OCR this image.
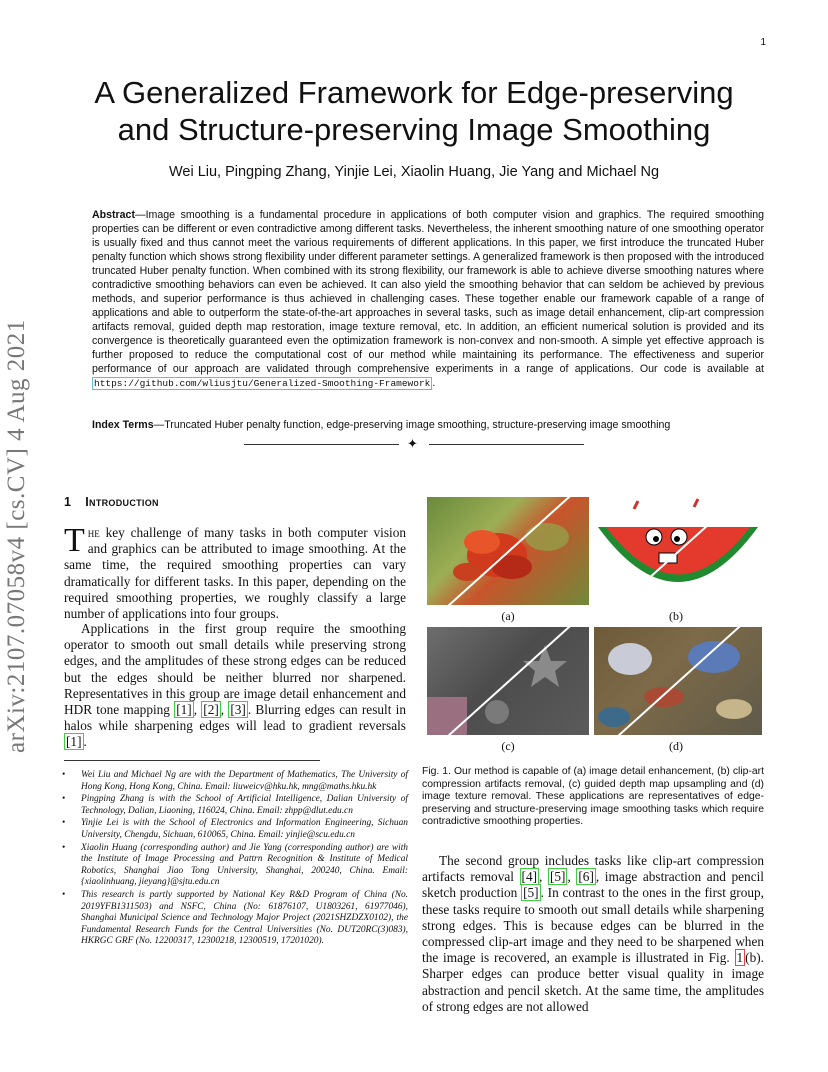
1
arXiv:2107.07058v4 [cs.CV] 4 Aug 2021
A Generalized Framework for Edge-preserving
and Structure-preserving Image Smoothing
Wei Liu, Pingping Zhang, Yinjie Lei, Xiaolin Huang, Jie Yang and Michael Ng
Abstract—Image smoothing is a fundamental procedure in applications of both computer vision and graphics. The required smoothing properties can be different or even contradictive among different tasks. Nevertheless, the inherent smoothing nature of one smoothing operator is usually fixed and thus cannot meet the various requirements of different applications. In this paper, we first introduce the truncated Huber penalty function which shows strong flexibility under different parameter settings. A generalized framework is then proposed with the introduced truncated Huber penalty function. When combined with its strong flexibility, our framework is able to achieve diverse smoothing natures where contradictive smoothing behaviors can even be achieved. It can also yield the smoothing behavior that can seldom be achieved by previous methods, and superior performance is thus achieved in challenging cases. These together enable our framework capable of a range of applications and able to outperform the state-of-the-art approaches in several tasks, such as image detail enhancement, clip-art compression artifacts removal, guided depth map restoration, image texture removal, etc. In addition, an efficient numerical solution is provided and its convergence is theoretically guaranteed even the optimization framework is non-convex and non-smooth. A simple yet effective approach is further proposed to reduce the computational cost of our method while maintaining its performance. The effectiveness and superior performance of our approach are validated through comprehensive experiments in a range of applications. Our code is available at https://github.com/wliusjtu/Generalized-Smoothing-Framework .
Index Terms—Truncated Huber penalty function, edge-preserving image smoothing, structure-preserving image smoothing
✦
1 Introduction
The key challenge of many tasks in both computer vision and graphics can be attributed to image smoothing. At the same time, the required smoothing properties can vary dramatically for different tasks. In this paper, depending on the required smoothing properties, we roughly classify a large number of applications into four groups.
Applications in the first group require the smoothing operator to smooth out small details while preserving strong edges, and the amplitudes of these strong edges can be reduced but the edges should be neither blurred nor sharpened. Representatives in this group are image detail enhancement and HDR tone mapping [1] , [2] , [3] . Blurring edges can result in halos while sharpening edges will lead to gradient reversals [1] .
• Wei Liu and Michael Ng are with the Department of Mathematics, The University of Hong Kong, Hong Kong, China. Email: liuweicv@hku.hk, mng@maths.hku.hk
• Pingping Zhang is with the School of Artificial Intelligence, Dalian University of Technology, Dalian, Liaoning, 116024, China. Email: zhpp@dlut.edu.cn
• Yinjie Lei is with the School of Electronics and Information Engineering, Sichuan University, Chengdu, Sichuan, 610065, China. Email: yinjie@scu.edu.cn
• Xiaolin Huang (corresponding author) and Jie Yang (corresponding author) are with the Institute of Image Processing and Pattrn Recognition & Institute of Medical Robotics, Shanghai Jiao Tong University, Shanghai, 200240, China. Email: {xiaolinhuang, jieyang}@sjtu.edu.cn
• This research is partly supported by National Key R&D Program of China (No. 2019YFB1311503) and NSFC, China (No: 61876107, U1803261, 61977046), Shanghai Municipal Science and Technology Major Project (2021SHZDZX0102), the Fundamental Research Funds for the Central Universities (No. DUT20RC(3)083), HKRGC GRF (No. 12200317, 12300218, 12300519, 17201020).
(a)	(b)
(c)	(d)
Fig. 1. Our method is capable of (a) image detail enhancement, (b) clip-art compression artifacts removal, (c) guided depth map upsampling and (d) image texture removal. These applications are representatives of edge-preserving and structure-preserving image smoothing tasks which require contradictive smoothing properties.
The second group includes tasks like clip-art compression artifacts removal [4] , [5] , [6] , image abstraction and pencil sketch production [5] . In contrast to the ones in the first group, these tasks require to smooth out small details while sharpening strong edges. This is because edges can be blurred in the compressed clip-art image and they need to be sharpened when the image is recovered, an example is illustrated in Fig. 1 (b). Sharper edges can produce better visual quality in image abstraction and pencil sketch. At the same time, the amplitudes of strong edges are not allowed
